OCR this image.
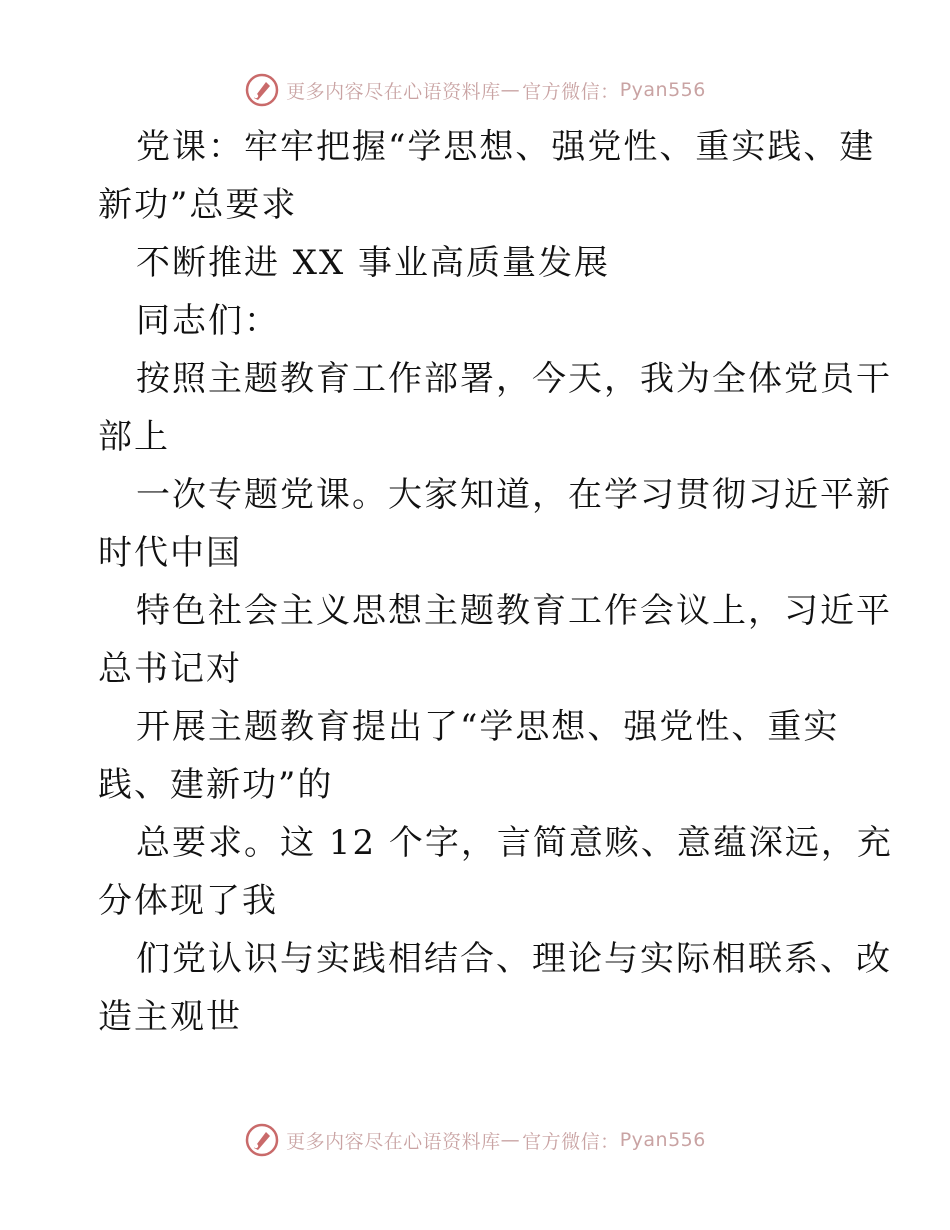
更多内容尽在心语资料库 — 官方微信： Pyan556
党课：牢牢把握“学思想、强党性、重实践、建
新功”总要求
不断推进 XX 事业高质量发展
同志们：
按照主题教育工作部署，今天，我为全体党员干
部上
一次专题党课。大家知道，在学习贯彻习近平新
时代中国
特色社会主义思想主题教育工作会议上，习近平
总书记对
开展主题教育提出了“学思想、强党性、重实
践、建新功”的
总要求。这 12 个字，言简意赅、意蕴深远，充
分体现了我
们党认识与实践相结合、理论与实际相联系、改
造主观世
更多内容尽在心语资料库 — 官方微信： Pyan556
